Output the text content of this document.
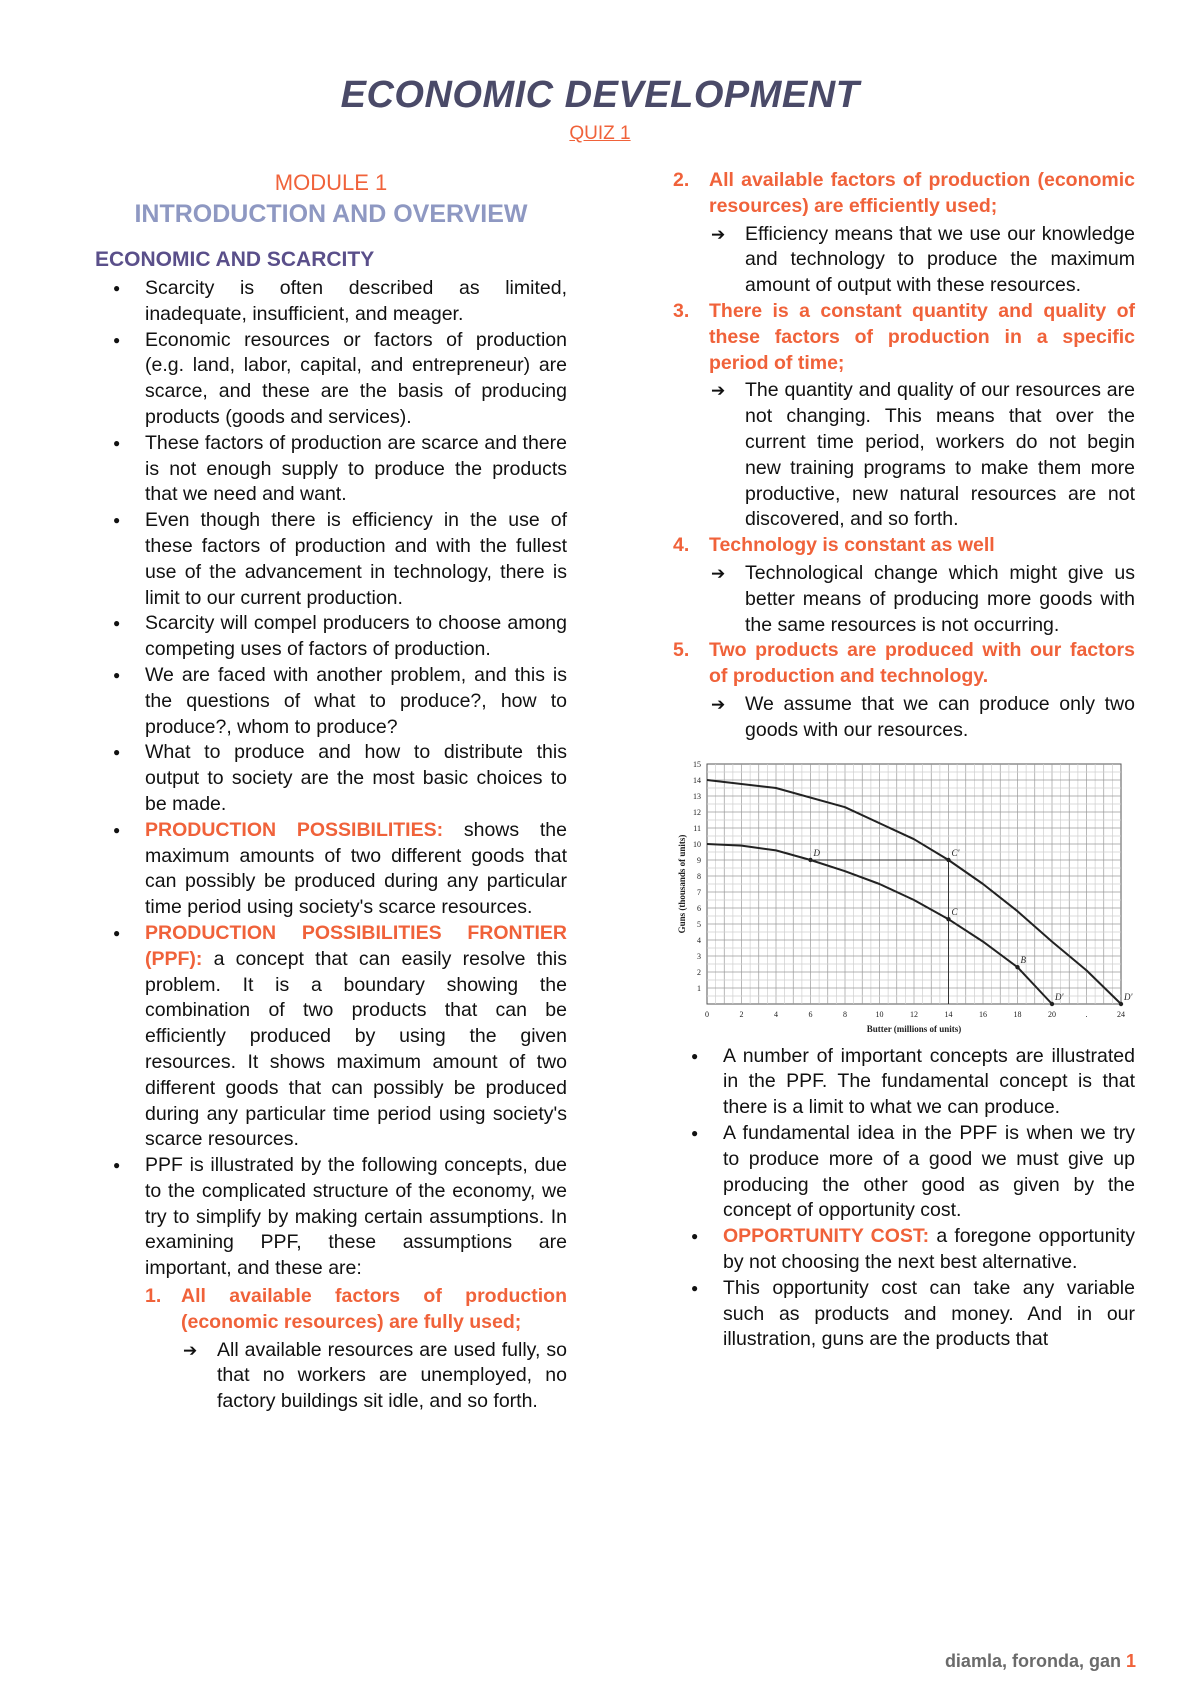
ECONOMIC DEVELOPMENT
QUIZ 1
MODULE 1
INTRODUCTION AND OVERVIEW
ECONOMIC AND SCARCITY
● Scarcity is often described as limited, inadequate, insufficient, and meager.
● Economic resources or factors of production (e.g. land, labor, capital, and entrepreneur) are scarce, and these are the basis of producing products (goods and services).
● These factors of production are scarce and there is not enough supply to produce the products that we need and want.
● Even though there is efficiency in the use of these factors of production and with the fullest use of the advancement in technology, there is limit to our current production.
● Scarcity will compel producers to choose among competing uses of factors of production.
● We are faced with another problem, and this is the questions of what to produce?, how to produce?, whom to produce?
● What to produce and how to distribute this output to society are the most basic choices to be made.
● PRODUCTION POSSIBILITIES: shows the maximum amounts of two different goods that can possibly be produced during any particular time period using society's scarce resources.
● PRODUCTION POSSIBILITIES FRONTIER (PPF): a concept that can easily resolve this problem. It is a boundary showing the combination of two products that can be efficiently produced by using the given resources. It shows maximum amount of two different goods that can possibly be produced during any particular time period using society's scarce resources.
● PPF is illustrated by the following concepts, due to the complicated structure of the economy, we try to simplify by making certain assumptions. In examining PPF, these assumptions are important, and these are:
1. All available factors of production (economic resources) are fully used;
➔ All available resources are used fully, so that no workers are unemployed, no factory buildings sit idle, and so forth.
2. All available factors of production (economic resources) are efficiently used;
➔ Efficiency means that we use our knowledge and technology to produce the maximum amount of output with these resources.
3. There is a constant quantity and quality of these factors of production in a specific period of time;
➔ The quantity and quality of our resources are not changing. This means that over the current time period, workers do not begin new training programs to make them more productive, new natural resources are not discovered, and so forth.
4. Technology is constant as well
➔ Technological change which might give us better means of producing more goods with the same resources is not occurring.
5. Two products are produced with our factors of production and technology.
➔ We assume that we can produce only two goods with our resources.
0	2	4	6	8	10	12	14	16	18	20	.	24
1
2
3
4
5
6
7
8
9
10
11
12
13
14
15
Butter (millions of units)
Guns (thousands of units)	D
C
B
D'
C'
D'
● A number of important concepts are illustrated in the PPF. The fundamental concept is that there is a limit to what we can produce.
● A fundamental idea in the PPF is when we try to produce more of a good we must give up producing the other good as given by the concept of opportunity cost.
● OPPORTUNITY COST: a foregone opportunity by not choosing the next best alternative.
● This opportunity cost can take any variable such as products and money. And in our illustration, guns are the products that
diamla, foronda, gan 1
